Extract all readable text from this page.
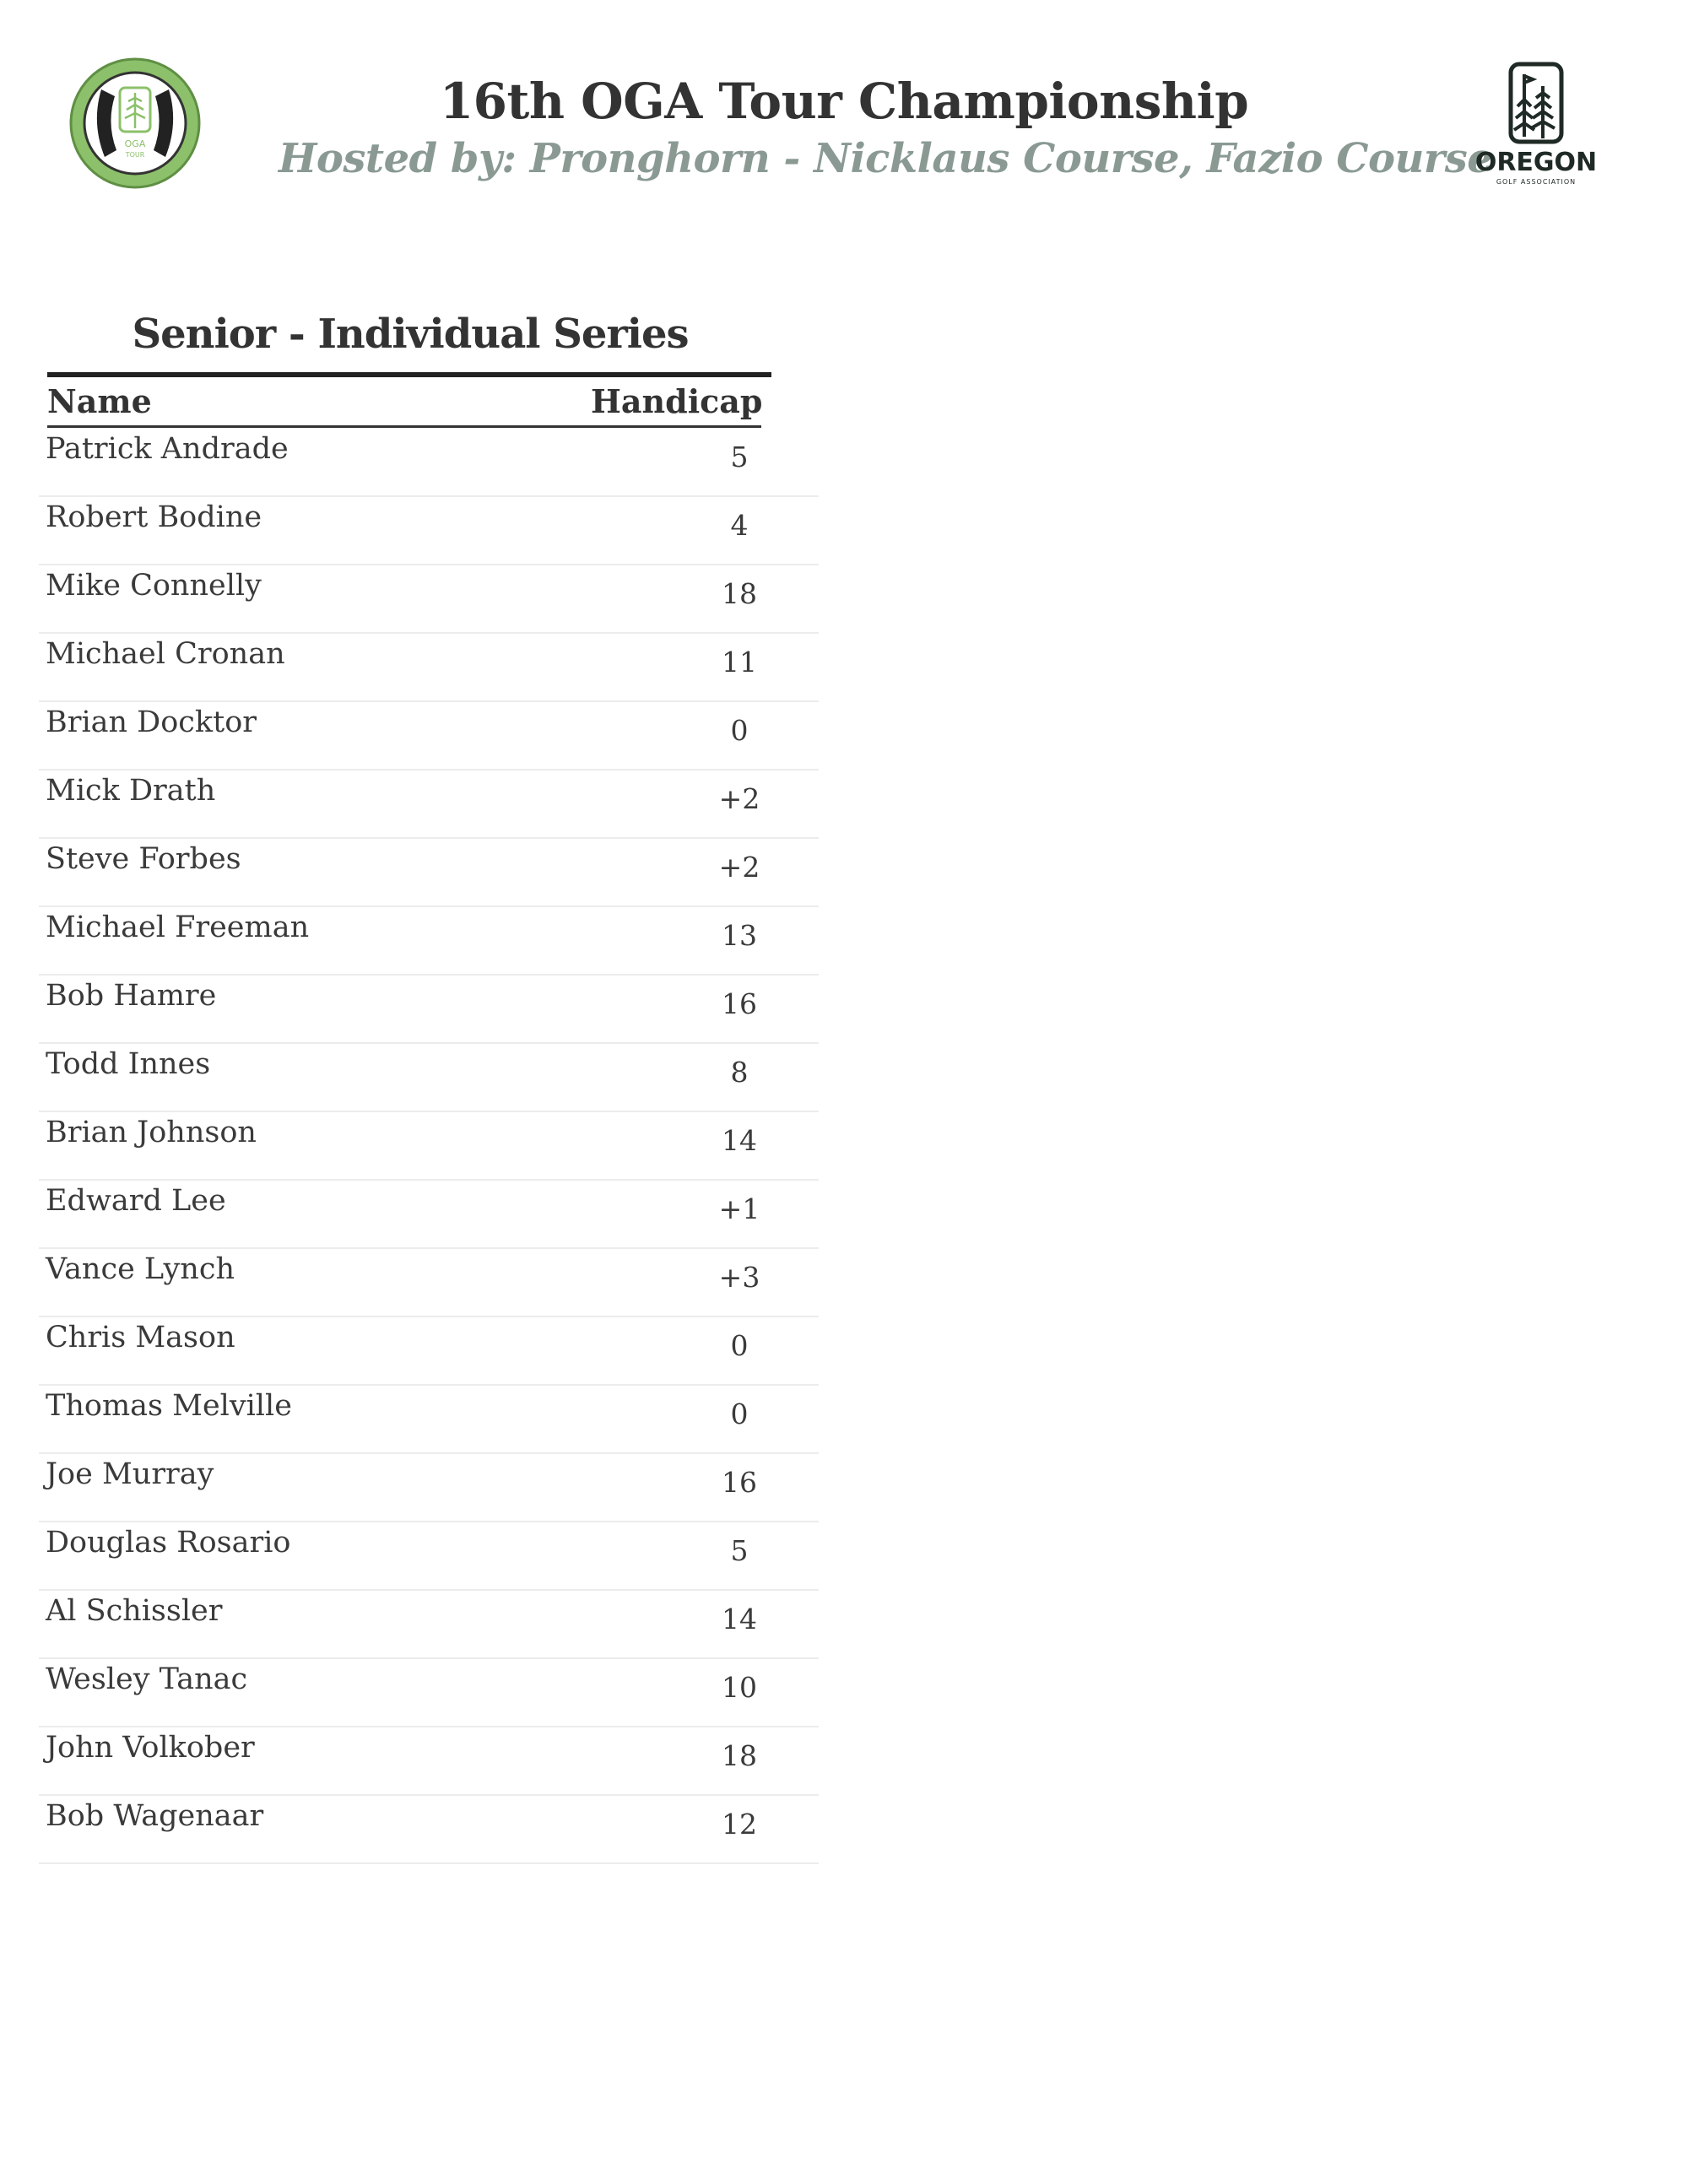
OGA
TOUR
16th OGA Tour Championship
Hosted by: Pronghorn - Nicklaus Course, Fazio Course
OREGON
GOLF ASSOCIATION
Senior - Individual Series
Name	Handicap
Patrick Andrade	5
Robert Bodine	4
Mike Connelly	18
Michael Cronan	11
Brian Docktor	0
Mick Drath	+2
Steve Forbes	+2
Michael Freeman	13
Bob Hamre	16
Todd Innes	8
Brian Johnson	14
Edward Lee	+1
Vance Lynch	+3
Chris Mason	0
Thomas Melville	0
Joe Murray	16
Douglas Rosario	5
Al Schissler	14
Wesley Tanac	10
John Volkober	18
Bob Wagenaar	12
